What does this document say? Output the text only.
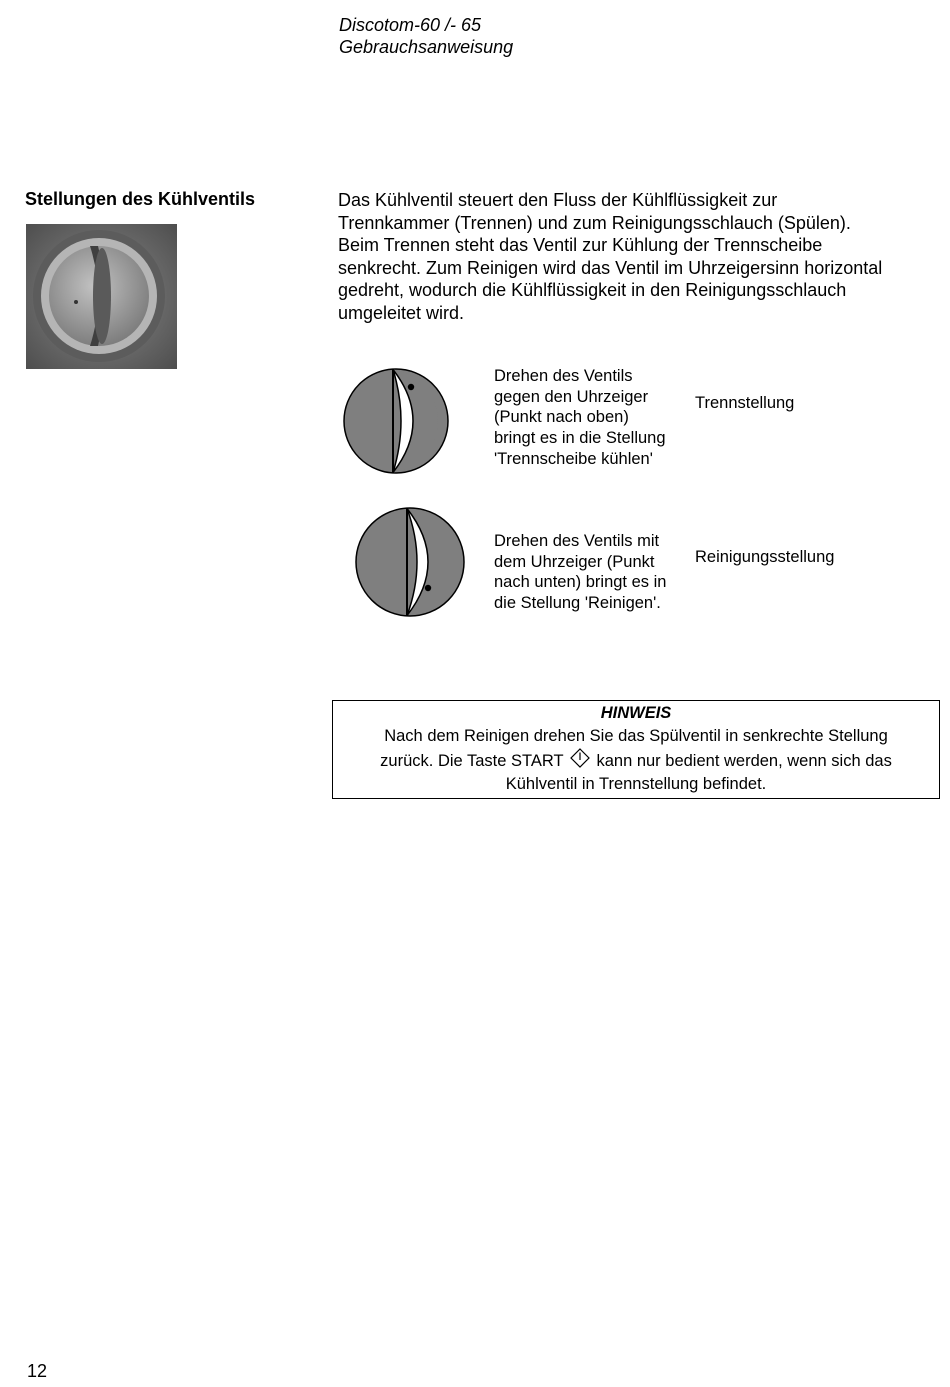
Discotom-60 /- 65
Gebrauchsanweisung
Stellungen des Kühlventils	Das Kühlventil steuert den Fluss der Kühlflüssigkeit zur
Trennkammer (Trennen) und zum Reinigungsschlauch (Spülen).
Beim Trennen steht das Ventil zur Kühlung der Trennscheibe
senkrecht. Zum Reinigen wird das Ventil im Uhrzeigersinn horizontal
gedreht, wodurch die Kühlflüssigkeit in den Reinigungsschlauch
umgeleitet wird.
Drehen des Ventils
gegen den Uhrzeiger
(Punkt nach oben)
bringt es in die Stellung
'Trennscheibe kühlen'
Trennstellung
Drehen des Ventils mit
dem Uhrzeiger (Punkt
nach unten) bringt es in
die Stellung 'Reinigen'.
Reinigungsstellung
HINWEIS
Nach dem Reinigen drehen Sie das Spülventil in senkrechte Stellung
zurück. Die Taste START kann nur bedient werden, wenn sich das
Kühlventil in Trennstellung befindet.
12
